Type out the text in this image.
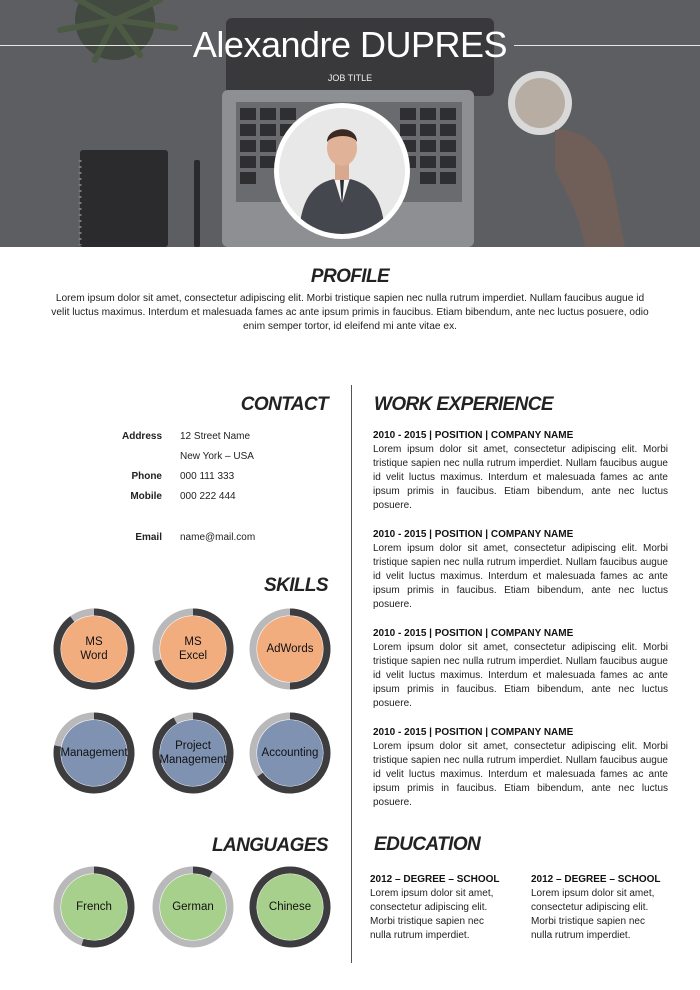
Alexandre DUPRES
JOB TITLE
PROFILE
Lorem ipsum dolor sit amet, consectetur adipiscing elit. Morbi tristique sapien nec nulla rutrum imperdiet. Nullam faucibus augue id velit luctus maximus. Interdum et malesuada fames ac ante ipsum primis in faucibus. Etiam bibendum, ante nec luctus posuere, odio enim semper tortor, id eleifend mi ante vitae ex.
CONTACT
Address 12 Street Name
New York – USA
Phone 000 111 333
Mobile 000 222 444
Email name@mail.com
SKILLS
MS
Word
MS
Excel
AdWords
Management
Project
Management
Accounting
LANGUAGES
French	German	Chinese
WORK EXPERIENCE
2010 - 2015 | POSITION | COMPANY NAME
Lorem ipsum dolor sit amet, consectetur adipiscing elit. Morbi tristique sapien nec nulla rutrum imperdiet. Nullam faucibus augue id velit luctus maximus. Interdum et malesuada fames ac ante ipsum primis in faucibus. Etiam bibendum, ante nec luctus posuere.
2010 - 2015 | POSITION | COMPANY NAME
Lorem ipsum dolor sit amet, consectetur adipiscing elit. Morbi tristique sapien nec nulla rutrum imperdiet. Nullam faucibus augue id velit luctus maximus. Interdum et malesuada fames ac ante ipsum primis in faucibus. Etiam bibendum, ante nec luctus posuere.
2010 - 2015 | POSITION | COMPANY NAME
Lorem ipsum dolor sit amet, consectetur adipiscing elit. Morbi tristique sapien nec nulla rutrum imperdiet. Nullam faucibus augue id velit luctus maximus. Interdum et malesuada fames ac ante ipsum primis in faucibus. Etiam bibendum, ante nec luctus posuere.
2010 - 2015 | POSITION | COMPANY NAME
Lorem ipsum dolor sit amet, consectetur adipiscing elit. Morbi tristique sapien nec nulla rutrum imperdiet. Nullam faucibus augue id velit luctus maximus. Interdum et malesuada fames ac ante ipsum primis in faucibus. Etiam bibendum, ante nec luctus posuere.
EDUCATION
2012 – DEGREE – SCHOOL
Lorem ipsum dolor sit amet, consectetur adipiscing elit. Morbi tristique sapien nec nulla rutrum imperdiet.
2012 – DEGREE – SCHOOL
Lorem ipsum dolor sit amet, consectetur adipiscing elit. Morbi tristique sapien nec nulla rutrum imperdiet.
